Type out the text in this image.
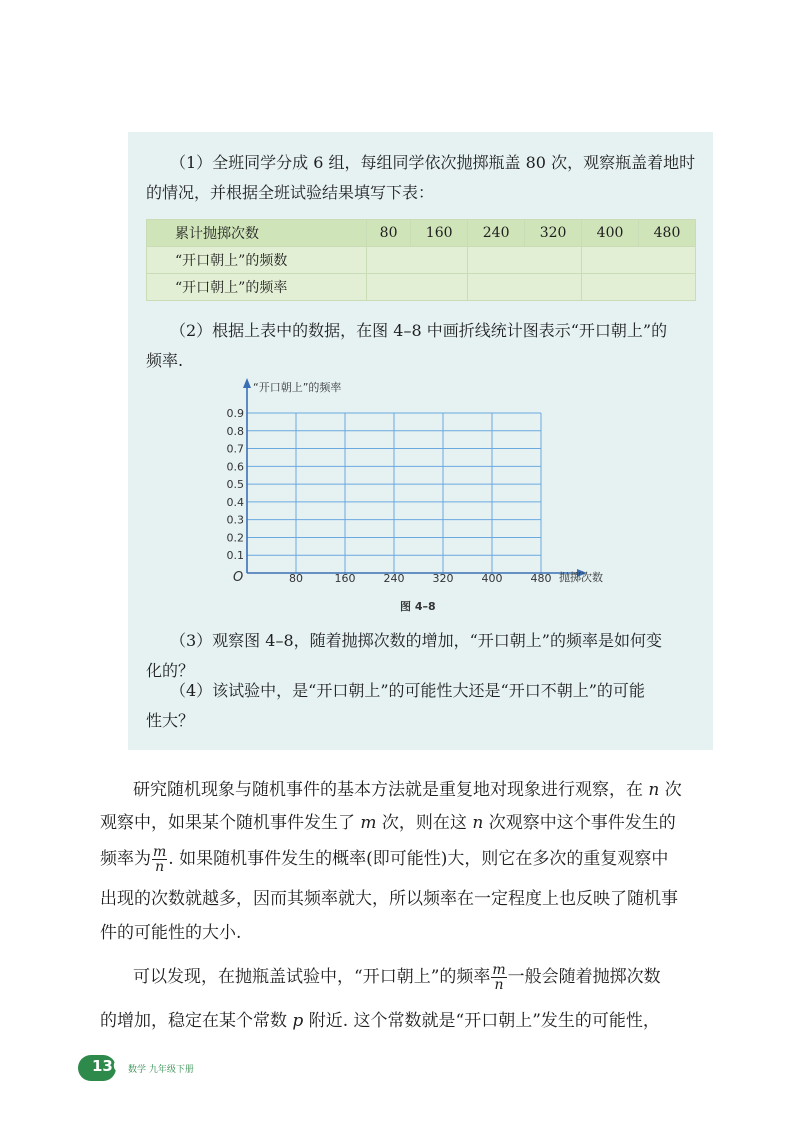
（1）全班同学分成 6 组，每组同学依次抛掷瓶盖 80 次，观察瓶盖着地时

的情况，并根据全班试验结果填写下表：

累计抛掷次数	80	160	240	320	400	480
“开口朝上”的频数						
“开口朝上”的频率						

（2）根据上表中的数据，在图 4–8 中画折线统计图表示“开口朝上”的

频率.

0.1
0.2
0.3
0.4
0.5
0.6
0.7
0.8
0.9
80	160	240	320	400	480
“开口朝上”的频率
抛掷次数
O
图 4–8

（3）观察图 4–8，随着抛掷次数的增加，“开口朝上”的频率是如何变

化的？

（4）该试验中，是“开口朝上”的可能性大还是“开口不朝上”的可能

性大？

研究随机现象与随机事件的基本方法就是重复地对现象进行观察，在 n 次

观察中，如果某个随机事件发生了 m 次，则在这 n 次观察中这个事件发生的

频率为 $\frac{m}{n}$ . 如果随机事件发生的概率(即可能性)大，则它在多次的重复观察中

出现的次数就越多，因而其频率就大，所以频率在一定程度上也反映了随机事

件的可能性的大小.

可以发现，在抛瓶盖试验中，“开口朝上”的频率 $\frac{m}{n}$ 一般会随着抛掷次数

的增加，稳定在某个常数 p 附近. 这个常数就是“开口朝上”发生的可能性，

136 数学 九年级下册
